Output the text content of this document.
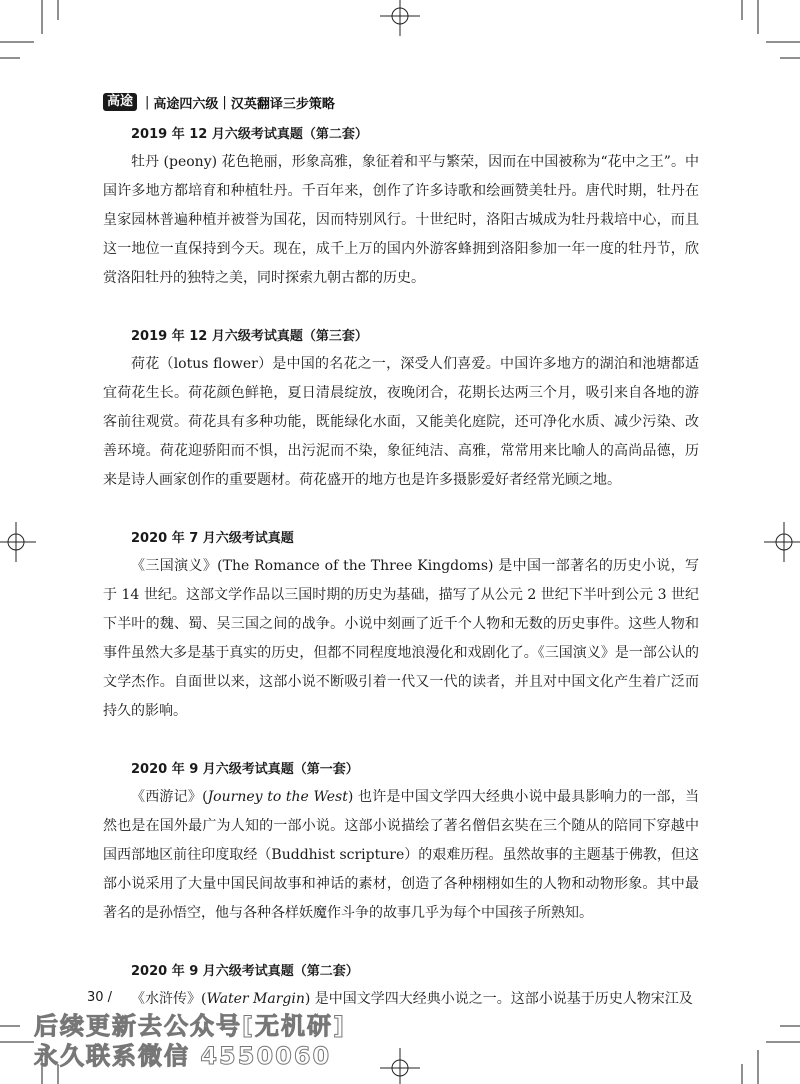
高途 | 高途四六级 | 汉英翻译三步策略
2019 年 12 月六级考试真题（第二套）

牡丹 (peony) 花色艳丽，形象高雅，象征着和平与繁荣，因而在中国被称为“花中之王”。中国许多地方都培育和种植牡丹。千百年来，创作了许多诗歌和绘画赞美牡丹。唐代时期，牡丹在皇家园林普遍种植并被誉为国花，因而特别风行。十世纪时，洛阳古城成为牡丹栽培中心，而且这一地位一直保持到今天。现在，成千上万的国内外游客蜂拥到洛阳参加一年一度的牡丹节，欣赏洛阳牡丹的独特之美，同时探索九朝古都的历史。

2019 年 12 月六级考试真题（第三套）

荷花（lotus flower）是中国的名花之一，深受人们喜爱。中国许多地方的湖泊和池塘都适宜荷花生长。荷花颜色鲜艳，夏日清晨绽放，夜晚闭合，花期长达两三个月，吸引来自各地的游客前往观赏。荷花具有多种功能，既能绿化水面，又能美化庭院，还可净化水质、减少污染、改善环境。荷花迎骄阳而不惧，出污泥而不染，象征纯洁、高雅，常常用来比喻人的高尚品德，历来是诗人画家创作的重要题材。荷花盛开的地方也是许多摄影爱好者经常光顾之地。

2020 年 7 月六级考试真题

《三国演义》(The Romance of the Three Kingdoms) 是中国一部著名的历史小说，写于 14 世纪。这部文学作品以三国时期的历史为基础，描写了从公元 2 世纪下半叶到公元 3 世纪下半叶的魏、蜀、吴三国之间的战争。小说中刻画了近千个人物和无数的历史事件。这些人物和事件虽然大多是基于真实的历史，但都不同程度地浪漫化和戏剧化了。《三国演义》是一部公认的文学杰作。自面世以来，这部小说不断吸引着一代又一代的读者，并且对中国文化产生着广泛而持久的影响。

2020 年 9 月六级考试真题（第一套）

《西游记》(Journey to the West) 也许是中国文学四大经典小说中最具影响力的一部，当然也是在国外最广为人知的一部小说。这部小说描绘了著名僧侣玄奘在三个随从的陪同下穿越中国西部地区前往印度取经（Buddhist scripture）的艰难历程。虽然故事的主题基于佛教，但这部小说采用了大量中国民间故事和神话的素材，创造了各种栩栩如生的人物和动物形象。其中最著名的是孙悟空，他与各种各样妖魔作斗争的故事几乎为每个中国孩子所熟知。

2020 年 9 月六级考试真题（第二套）

《水浒传》(Water Margin) 是中国文学四大经典小说之一。这部小说基于历史人物宋江及

30 /
后续更新去公众号[无机研]
永久联系微信 4550060
